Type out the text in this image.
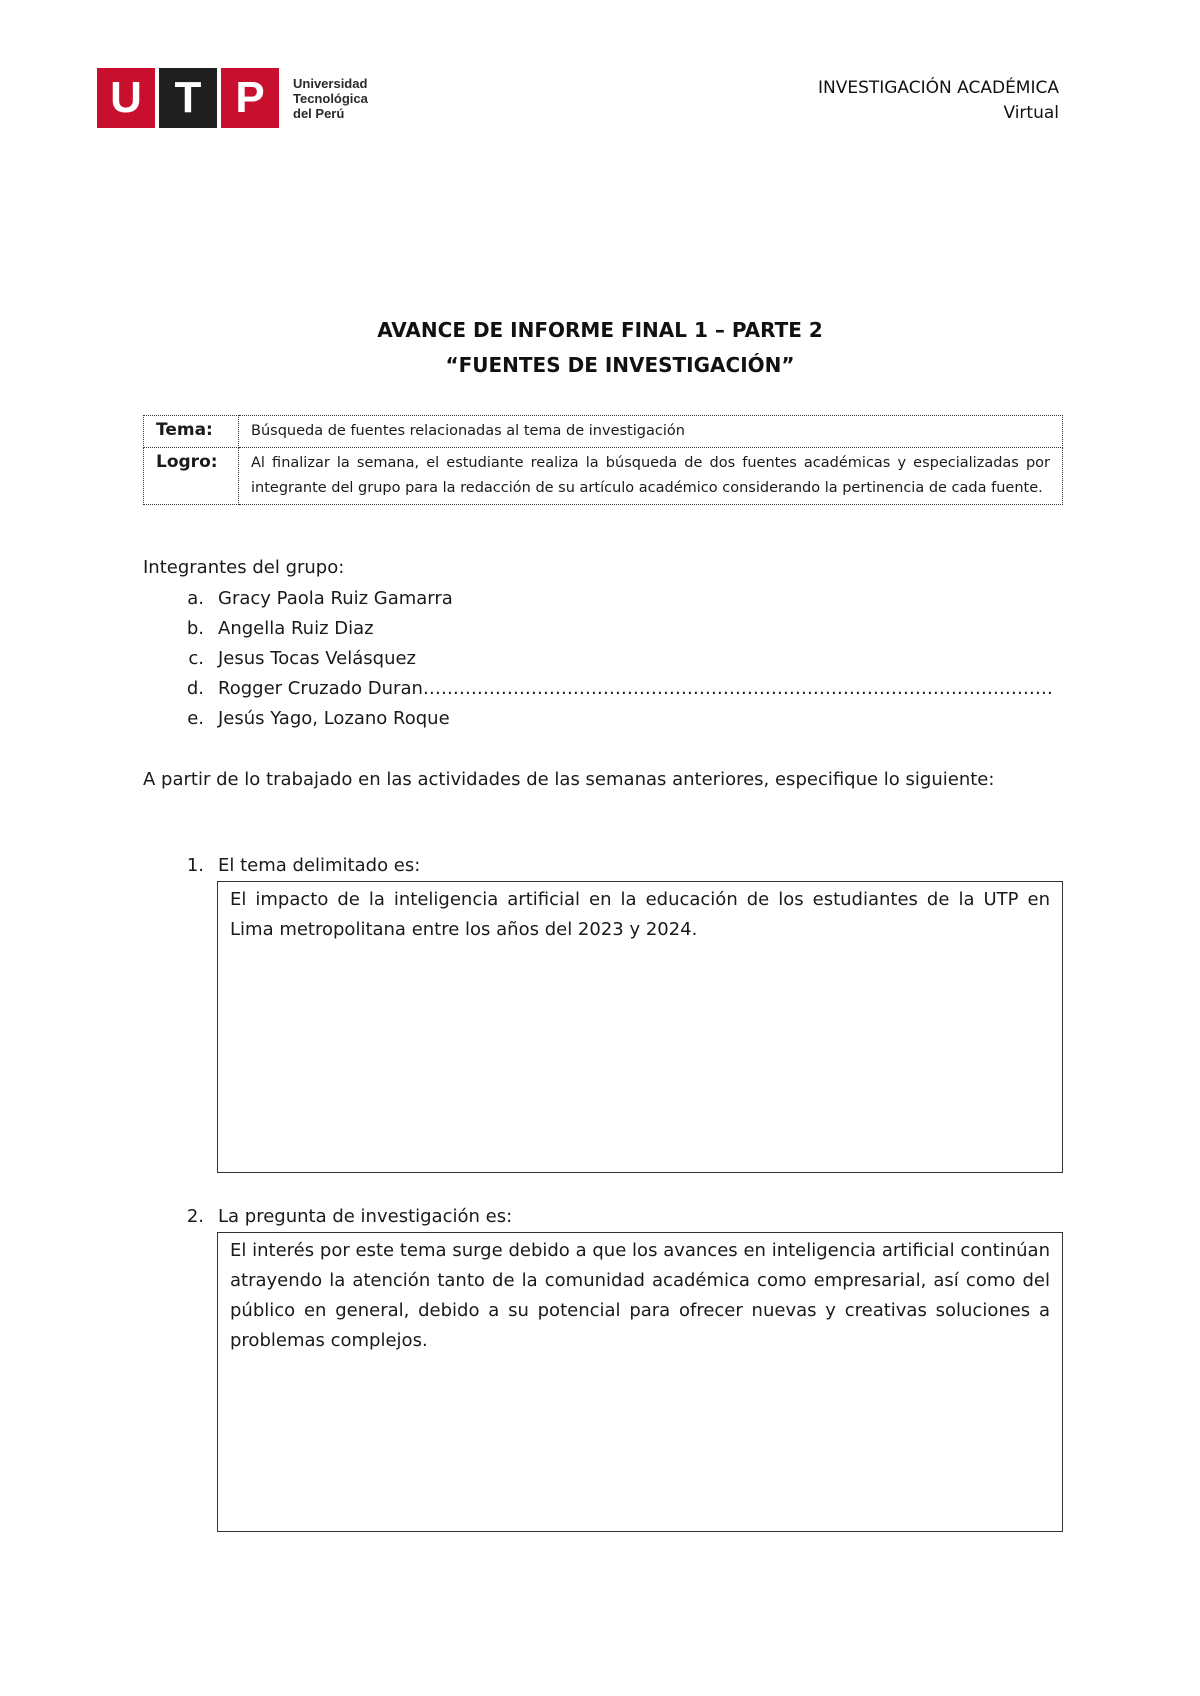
U T P	Universidad
Tecnológica
del Perú
INVESTIGACIÓN ACADÉMICA
Virtual
AVANCE DE INFORME FINAL 1 – PARTE 2
“FUENTES DE INVESTIGACIÓN”
Tema:	Búsqueda de fuentes relacionadas al tema de investigación
Logro:	Al finalizar la semana, el estudiante realiza la búsqueda de dos fuentes académicas y especializadas por integrante del grupo para la redacción de su artículo académico considerando la pertinencia de cada fuente.
Integrantes del grupo:
a. Gracy Paola Ruiz Gamarra
b. Angella Ruiz Diaz
c. Jesus Tocas Velásquez
d. Rogger Cruzado Duran……………………………………………………………………………………………
e. Jesús Yago, Lozano Roque
A partir de lo trabajado en las actividades de las semanas anteriores, especifique lo siguiente:
1. El tema delimitado es:
El impacto de la inteligencia artificial en la educación de los estudiantes de la UTP en Lima metropolitana entre los años del 2023 y 2024.
2. La pregunta de investigación es:
El interés por este tema surge debido a que los avances en inteligencia artificial continúan atrayendo la atención tanto de la comunidad académica como empresarial, así como del público en general, debido a su potencial para ofrecer nuevas y creativas soluciones a problemas complejos.
